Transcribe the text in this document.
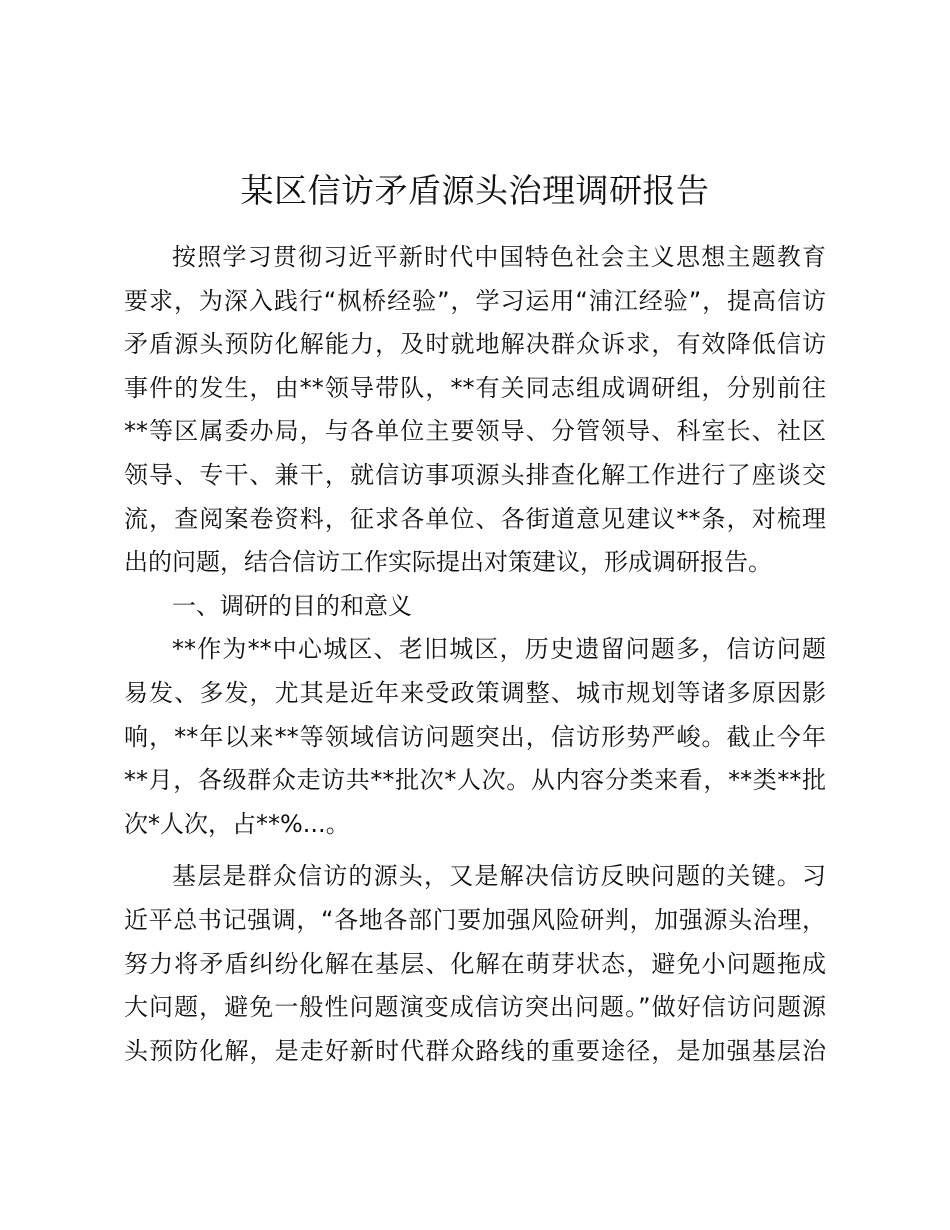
某区信访矛盾源头治理调研报告
按照学习贯彻习近平新时代中国特色社会主义思想主题教育
要求，为深入践行“枫桥经验”，学习运用“浦江经验”，提高信访
矛盾源头预防化解能力，及时就地解决群众诉求，有效降低信访
事件的发生，由**领导带队，**有关同志组成调研组，分别前往
**等区属委办局，与各单位主要领导、分管领导、科室长、社区
领导、专干、兼干，就信访事项源头排查化解工作进行了座谈交
流，查阅案卷资料，征求各单位、各街道意见建议**条，对梳理
出的问题，结合信访工作实际提出对策建议，形成调研报告。
一、调研的目的和意义
**作为**中心城区、老旧城区，历史遗留问题多，信访问题
易发、多发，尤其是近年来受政策调整、城市规划等诸多原因影
响，**年以来**等领域信访问题突出，信访形势严峻。截止今年
**月，各级群众走访共**批次*人次。从内容分类来看，**类**批
次*人次，占**%...。
基层是群众信访的源头，又是解决信访反映问题的关键。习
近平总书记强调，“各地各部门要加强风险研判，加强源头治理，
努力将矛盾纠纷化解在基层、化解在萌芽状态，避免小问题拖成
大问题，避免一般性问题演变成信访突出问题。”做好信访问题源
头预防化解，是走好新时代群众路线的重要途径，是加强基层治
